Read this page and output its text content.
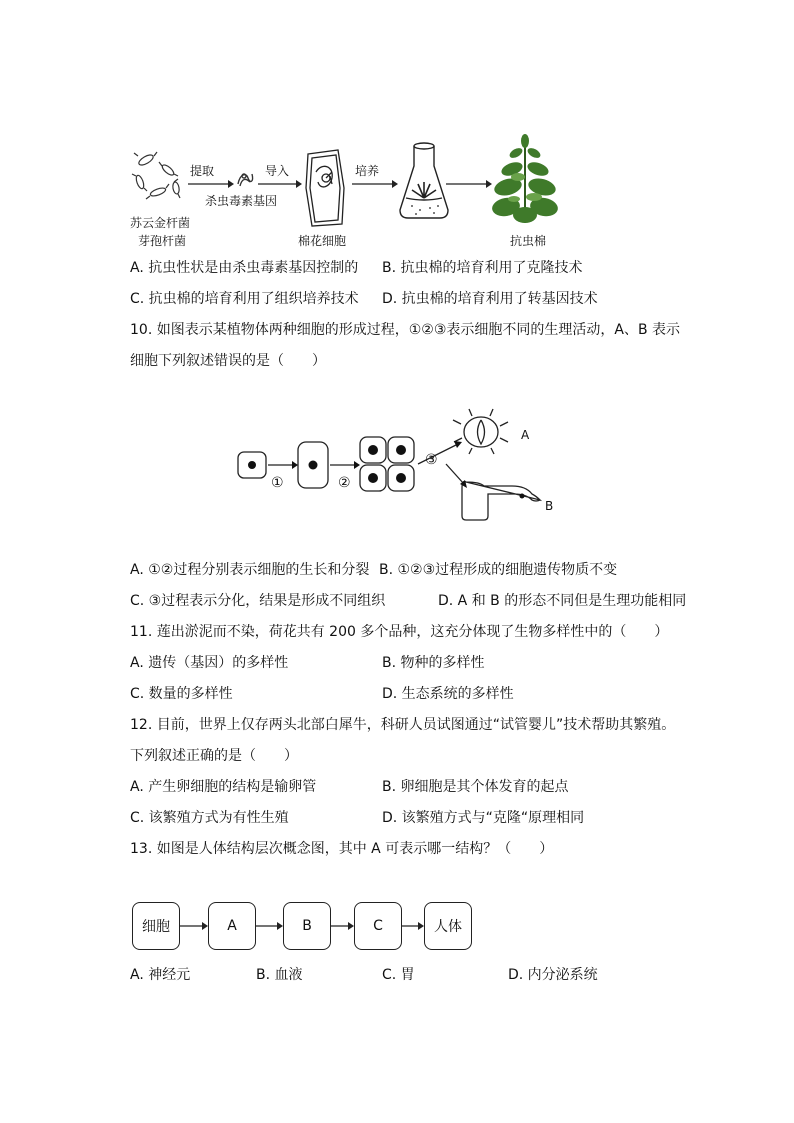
苏云金杆菌
芽孢杆菌
提取
杀虫毒素基因
导入
棉花细胞
培养
抗虫棉
A. 抗虫性状是由杀虫毒素基因控制的 B. 抗虫棉的培育利用了克隆技术
C. 抗虫棉的培育利用了组织培养技术 D. 抗虫棉的培育利用了转基因技术
10. 如图表示某植物体两种细胞的形成过程，①②③表示细胞不同的生理活动，A、B 表示
细胞下列叙述错误的是（　　）
①	②
③
A
B
A. ①②过程分别表示细胞的生长和分裂 B. ①②③过程形成的细胞遗传物质不变
C. ③过程表示分化，结果是形成不同组织	D. A 和 B 的形态不同但是生理功能相同
11. 莲出淤泥而不染，荷花共有 200 多个品种，这充分体现了生物多样性中的（　　）
A. 遗传（基因）的多样性	B. 物种的多样性
C. 数量的多样性	D. 生态系统的多样性
12. 目前，世界上仅存两头北部白犀牛，科研人员试图通过“试管婴儿”技术帮助其繁殖。
下列叙述正确的是（　　）
A. 产生卵细胞的结构是输卵管	B. 卵细胞是其个体发育的起点
C. 该繁殖方式为有性生殖	D. 该繁殖方式与“克隆“原理相同
13. 如图是人体结构层次概念图，其中 A 可表示哪一结构？（　　）
细胞	A	B	C	人体
A. 神经元	B. 血液	C. 胃	D. 内分泌系统
